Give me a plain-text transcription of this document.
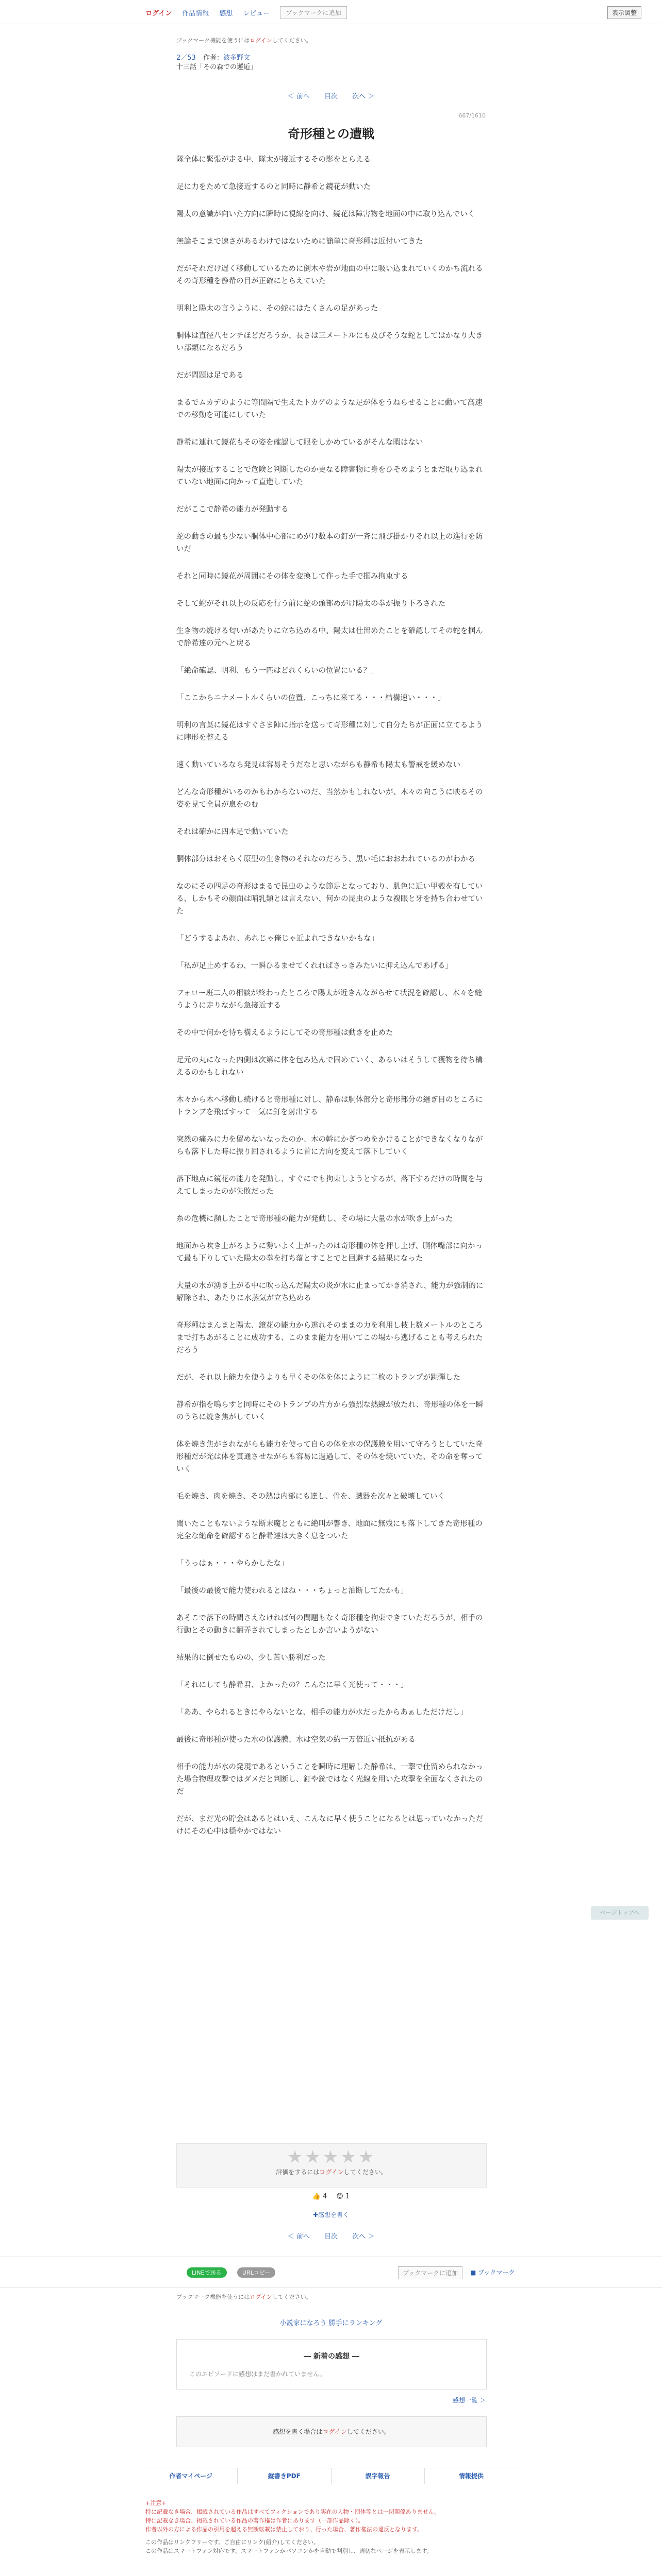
ログイン 作品情報 感想 レビュー	ブックマークに追加	表示調整
ブックマーク機能を使うにはログインしてください。
2／53 作者：波多野文
十三話「その森での邂逅」
＜ 前へ 目次 次へ ＞
667/1610
奇形種との遭戦

隊全体に緊張が走る中、隊太が接近するその影をとらえる

足に力をためて急接近するのと同時に静希と鏡花が動いた

陽太の意識が向いた方向に瞬時に視線を向け、鏡花は障害物を地面の中に取り込んでいく

無論そこまで速さがあるわけではないために簡単に奇形種は近付いてきた

だがそれだけ遅く移動しているために倒木や岩が地面の中に吸い込まれていくのかち流れるその奇形種を静希の目が正確にとらえていた

明利と陽太の言うように、その蛇にはたくさんの足があった

胴体は直径八センチほどだろうか、長さは三メートルにも及びそうな蛇としてはかなり大きい部類になるだろう

だが問題は足である

まるでムカデのように等間隔で生えたトカゲのような足が体をうねらせることに動いて高速での移動を可能にしていた

静希に連れて鏡花もその姿を確認して眼をしかめているがそんな暇はない

陽太が接近することで危険と判断したのか更なる障害物に身をひそめようとまだ取り込まれていない地面に向かって直進していた

だがここで静希の能力が発動する

蛇の動きの最も少ない胴体中心部にめがけ数本の釘が一斉に飛び掛かりそれ以上の進行を防いだ

それと同時に鏡花が周囲にその体を変換して作った手で掴み拘束する

そして蛇がそれ以上の反応を行う前に蛇の頭部めがけ陽太の拳が振り下ろされた

生き物の焼ける匂いがあたりに立ち込める中、陽太は仕留めたことを確認してその蛇を掴んで静希達の元へと戻る

「絶命確認、明利、もう一匹はどれくらいの位置にいる？」

「ここからニナメートルくらいの位置、こっちに来てる・・・結構速い・・・」

明利の言葉に鏡花はすぐさま陣に指示を送って奇形種に対して自分たちが正面に立てるように陣形を整える

速く動いているなら発見は容易そうだなと思いながらも静希も陽太も警戒を緩めない

どんな奇形種がいるのかもわからないのだ、当然かもしれないが、木々の向こうに映るその姿を見て全員が息をのむ

それは確かに四本足で動いていた

胴体部分はおそらく原型の生き物のそれなのだろう、黒い毛におおわれているのがわかる

なのにその四足の奇形はまるで昆虫のような節足となっており、肌色に近い甲殻を有している、しかもその顔面は哺乳類とは言えない、何かの昆虫のような複眼と牙を持ち合わせていた

「どうするよあれ、あれじゃ俺じゃ近よれできないかもな」

「私が足止めするわ、一瞬ひるませてくれればさっきみたいに抑え込んであげる」

フォロー班二人の相談が終わったところで陽太が近きんながらせて状況を確認し、木々を縫うように走りながら急接近する

その中で何かを待ち構えるようにしてその奇形種は動きを止めた

足元の丸になった内側は次第に体を包み込んで固めていく、あるいはそうして獲物を待ち構えるのかもしれない

木々から木へ移動し続けると奇形種に対し、静希は胴体部分と奇形部分の継ぎ目のところにトランプを飛ばすって一気に釘を射出する

突然の痛みに力を留めないなったのか、木の幹にかぎつめをかけることができなくなりながらも落下した時に振り回されるように首に方向を変えて落下していく

落下地点に鏡花の能力を発動し、すぐにでも拘束しようとするが、落下するだけの時間を与えてしまったのが失敗だった

糸の危機に瀕したことで奇形種の能力が発動し、その場に大量の水が吹き上がった

地面から吹き上がるように勢いよく上がったのは奇形種の体を押し上げ、胴体嘴部に向かって最も下りしていた陽太の拳を打ち落とすことでと回避する結果になった

大量の水が湧き上がる中に吹っ込んだ陽太の炎が水に止まってかき消され、能力が強制的に解除され、あたりに水蒸気が立ち込める

奇形種はまんまと陽太、鏡花の能力から逃れそのままの力を利用し枝上数メートルのところまで打ちあがることに成功する、このまま能力を用いてこの場から逃げることも考えられただろう

だが、それ以上能力を使うよりも早くその体を体にように二枚のトランプが跳弾した

静希が指を鳴らすと同時にそのトランプの片方から強烈な熱線が放たれ、奇形種の体を一瞬のうちに焼き焦がしていく

体を焼き焦がされながらも能力を使って自らの体を水の保護膜を用いて守ろうとしていた奇形種だが光は体を貫通させながらも容易に過過して、その体を焼いていた、その命を奪っていく

毛を焼き、肉を焼き、その熱は内部にも達し、骨を、臓器を次々と破壊していく

聞いたこともないような断末魔とともに絶叫が響き、地面に無残にも落下してきた奇形種の完全な絶命を確認すると静希達は大きく息をついた

「うっはぁ・・・やらかしたな」

「最後の最後で能力使われるとはね・・・ちょっと油断してたかも」

あそこで落下の時間さえなければ何の問題もなく奇形種を拘束できていただろうが、相手の行動とその動きに翻弄されてしまったとしか言いようがない

結果的に倒せたものの、少し苦い勝利だった

「それにしても静希君、よかったの？こんなに早く光使って・・・」

「ああ、やられるときにやらないとな、相手の能力が水だったからあぁしただけだし」

最後に奇形種が使った水の保護膜、水は空気の約一万倍近い抵抗がある

相手の能力が水の発現であるということを瞬時に理解した静希は、一撃で仕留められなかった場合物理攻撃ではダメだと判断し、釘や銃ではなく光線を用いた攻撃を全面なくされたのだ

だが、まだ光の貯金はあるとはいえ、こんなに早く使うことになるとは思っていなかっただけにその心中は穏やかではない

★★★★★
評価をするにはログインしてください。
👍 4 😊 1
✚感想を書く
＜ 前へ 目次 次へ ＞
LINEで送る	URLコピー	ブックマークに追加	■ ブックマーク
ブックマーク機能を使うにはログインしてください。
小説家になろう 勝手にランキング
― 新着の感想 ―
このエピソードに感想はまだ書かれていません。
感想一覧 ＞
感想を書く場合はログインしてください。
作者マイページ	縦書きPDF	誤字報告	情報提供
+注意+
特に記載なき場合、掲載されている作品はすべてフィクションであり実在の人物・団体等とは一切関係ありません。
特に記載なき場合、掲載されている作品の著作権は作者にあります（一部作品除く）。
作者以外の方による作品の引用を超える無断転載は禁止しており、行った場合、著作権法の違反となります。
この作品はリンクフリーです。ご自由にリンク(紹介)してください。
この作品はスマートフォン対応です。スマートフォンかパソコンかを自動で判別し、適切なページを表示します。
ページトップへ
